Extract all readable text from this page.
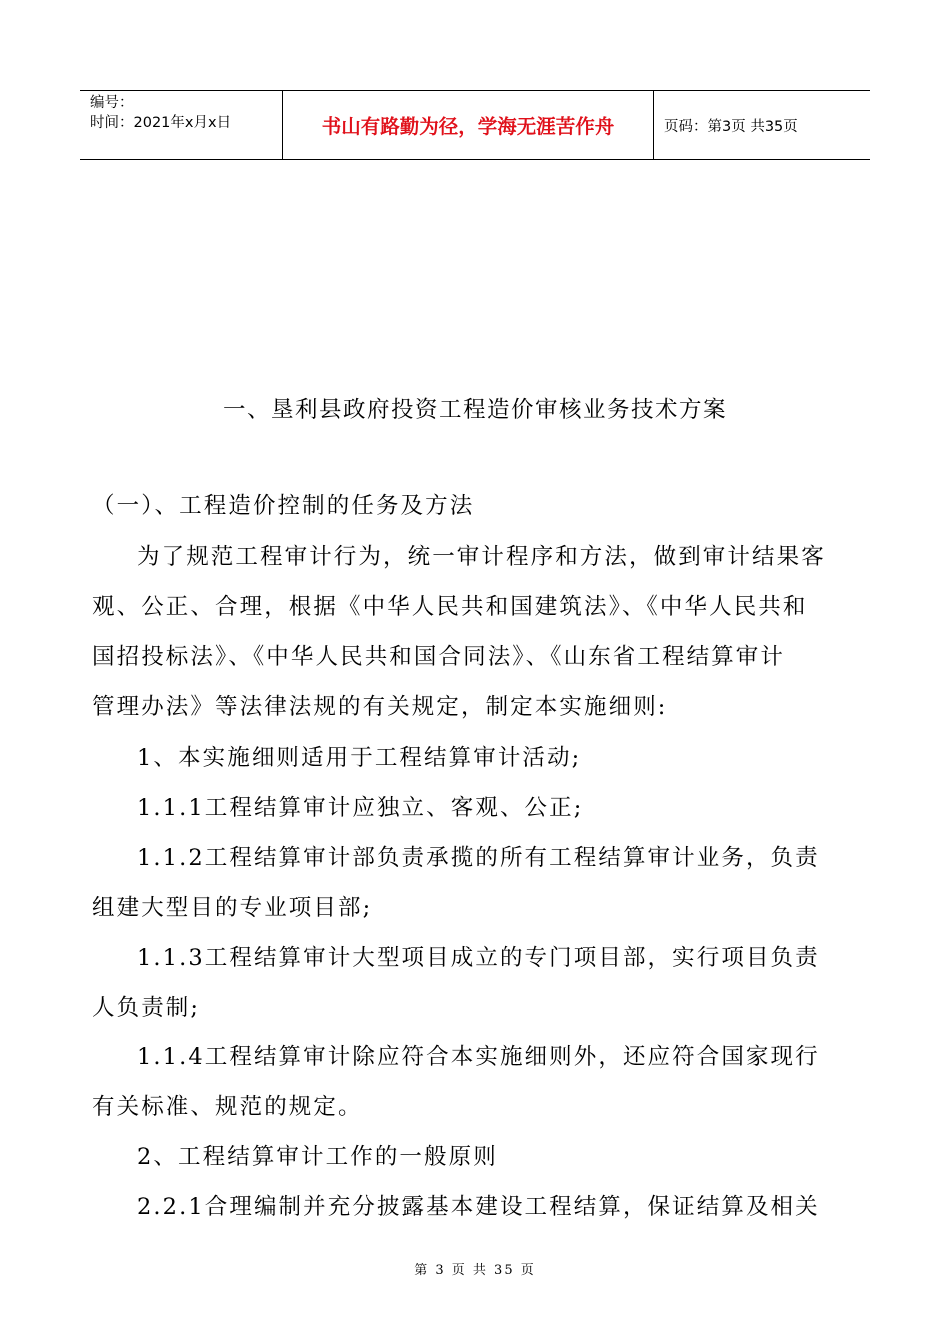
编号：
时间：2021年x月x日	书山有路勤为径，学海无涯苦作舟	页码：第3页 共35页
一、垦利县政府投资工程造价审核业务技术方案
（一）、工程造价控制的任务及方法
为了规范工程审计行为，统一审计程序和方法，做到审计结果客
观、公正、合理，根据《中华人民共和国建筑法》、《中华人民共和
国招投标法》、《中华人民共和国合同法》、《山东省工程结算审计
管理办法》等法律法规的有关规定，制定本实施细则:
1、本实施细则适用于工程结算审计活动;
1.1.1工程结算审计应独立、客观、公正;
1.1.2工程结算审计部负责承揽的所有工程结算审计业务，负责
组建大型目的专业项目部;
1.1.3工程结算审计大型项目成立的专门项目部，实行项目负责
人负责制;
1.1.4工程结算审计除应符合本实施细则外，还应符合国家现行
有关标准、规范的规定。
2、工程结算审计工作的一般原则
2.2.1合理编制并充分披露基本建设工程结算，保证结算及相关
第 3 页 共 35 页
